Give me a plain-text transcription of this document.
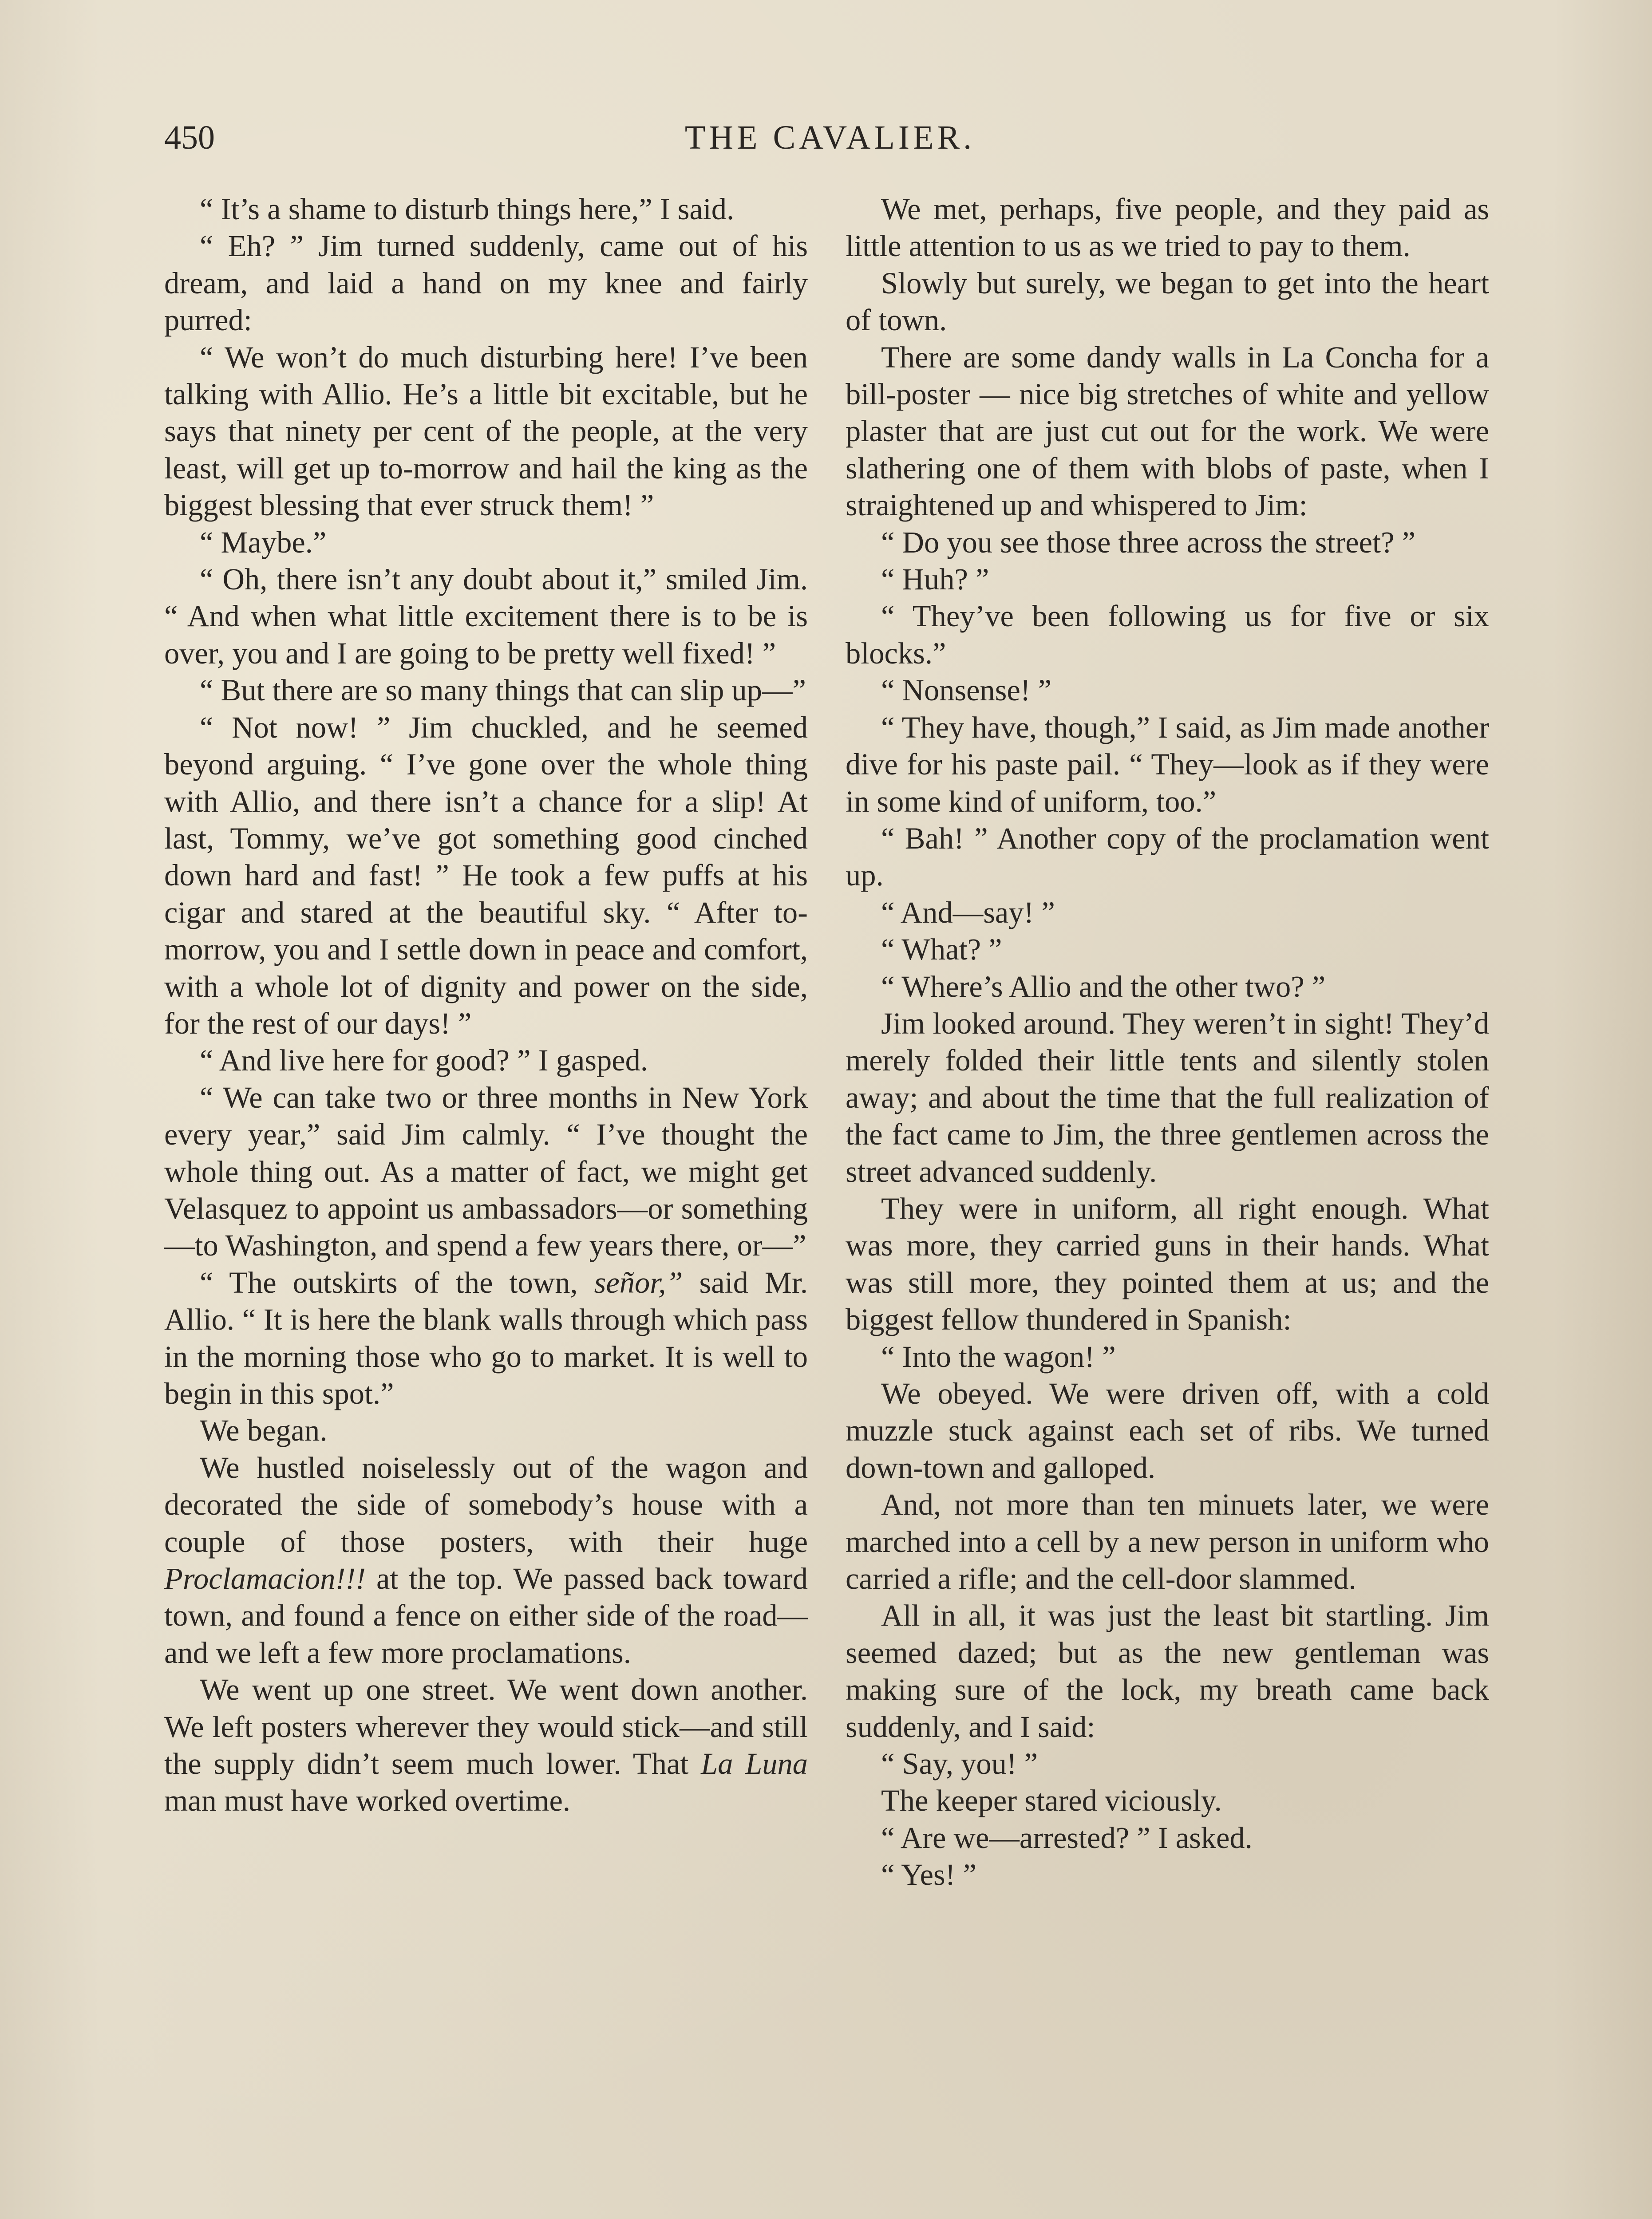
450	THE CAVALIER.

“ It’s a shame to disturb things here,” I said.

“ Eh? ” Jim turned suddenly, came out of his dream, and laid a hand on my knee and fairly purred:

“ We won’t do much disturbing here! I’ve been talking with Allio. He’s a little bit excitable, but he says that ninety per cent of the people, at the very least, will get up to-morrow and hail the king as the biggest blessing that ever struck them! ”

“ Maybe.”

“ Oh, there isn’t any doubt about it,” smiled Jim. “ And when what little excitement there is to be is over, you and I are going to be pretty well fixed! ”

“ But there are so many things that can slip up—”

“ Not now! ” Jim chuckled, and he seemed beyond arguing. “ I’ve gone over the whole thing with Allio, and there isn’t a chance for a slip! At last, Tommy, we’ve got something good cinched down hard and fast! ” He took a few puffs at his cigar and stared at the beautiful sky. “ After to-morrow, you and I settle down in peace and comfort, with a whole lot of dignity and power on the side, for the rest of our days! ”

“ And live here for good? ” I gasped.

“ We can take two or three months in New York every year,” said Jim calmly. “ I’ve thought the whole thing out. As a matter of fact, we might get Velasquez to appoint us ambassadors—or something —to Washington, and spend a few years there, or—”

“ The outskirts of the town, señor,” said Mr. Allio. “ It is here the blank walls through which pass in the morning those who go to market. It is well to begin in this spot.”

We began.

We hustled noiselessly out of the wagon and decorated the side of somebody’s house with a couple of those posters, with their huge Proclamacion!!! at the top. We passed back toward town, and found a fence on either side of the road—and we left a few more proclamations.

We went up one street. We went down another. We left posters wherever they would stick—and still the supply didn’t seem much lower. That La Luna man must have worked overtime.

We met, perhaps, five people, and they paid as little attention to us as we tried to pay to them.

Slowly but surely, we began to get into the heart of town.

There are some dandy walls in La Concha for a bill-poster — nice big stretches of white and yellow plaster that are just cut out for the work. We were slathering one of them with blobs of paste, when I straightened up and whispered to Jim:

“ Do you see those three across the street? ”

“ Huh? ”

“ They’ve been following us for five or six blocks.”

“ Nonsense! ”

“ They have, though,” I said, as Jim made another dive for his paste pail. “ They—look as if they were in some kind of uniform, too.”

“ Bah! ” Another copy of the proclamation went up.

“ And—say! ”

“ What? ”

“ Where’s Allio and the other two? ”

Jim looked around. They weren’t in sight! They’d merely folded their little tents and silently stolen away; and about the time that the full realization of the fact came to Jim, the three gentlemen across the street advanced suddenly.

They were in uniform, all right enough. What was more, they carried guns in their hands. What was still more, they pointed them at us; and the biggest fellow thundered in Spanish:

“ Into the wagon! ”

We obeyed. We were driven off, with a cold muzzle stuck against each set of ribs. We turned down-town and galloped.

And, not more than ten minuets later, we were marched into a cell by a new person in uniform who carried a rifle; and the cell-door slammed.

All in all, it was just the least bit startling. Jim seemed dazed; but as the new gentleman was making sure of the lock, my breath came back suddenly, and I said:

“ Say, you! ”

The keeper stared viciously.

“ Are we—arrested? ” I asked.

“ Yes! ”
